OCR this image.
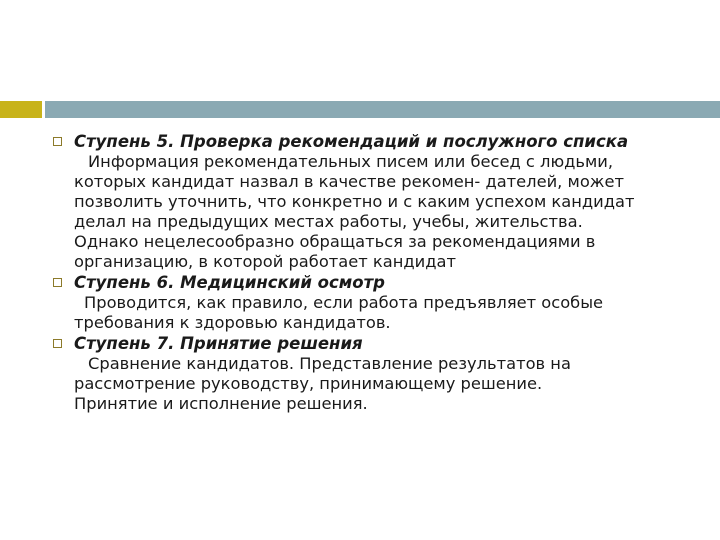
Ступень 5. Проверка рекомендаций и послужного списка

Информация рекомендательных писем или бесед с людьми,

которых кандидат назвал в качестве рекомен- дателей, может

позволить уточнить, что конкретно и с каким успехом кандидат

делал на предыдущих местах работы, учебы, жительства.

Однако нецелесообразно обращаться за рекомендациями в

организацию, в которой работает кандидат

Ступень 6. Медицинский осмотр

Проводится, как правило, если работа предъявляет особые

требования к здоровью кандидатов.

Ступень 7. Принятие решения

Сравнение кандидатов. Представление результатов на

рассмотрение руководству, принимающему решение.

Принятие и исполнение решения.
